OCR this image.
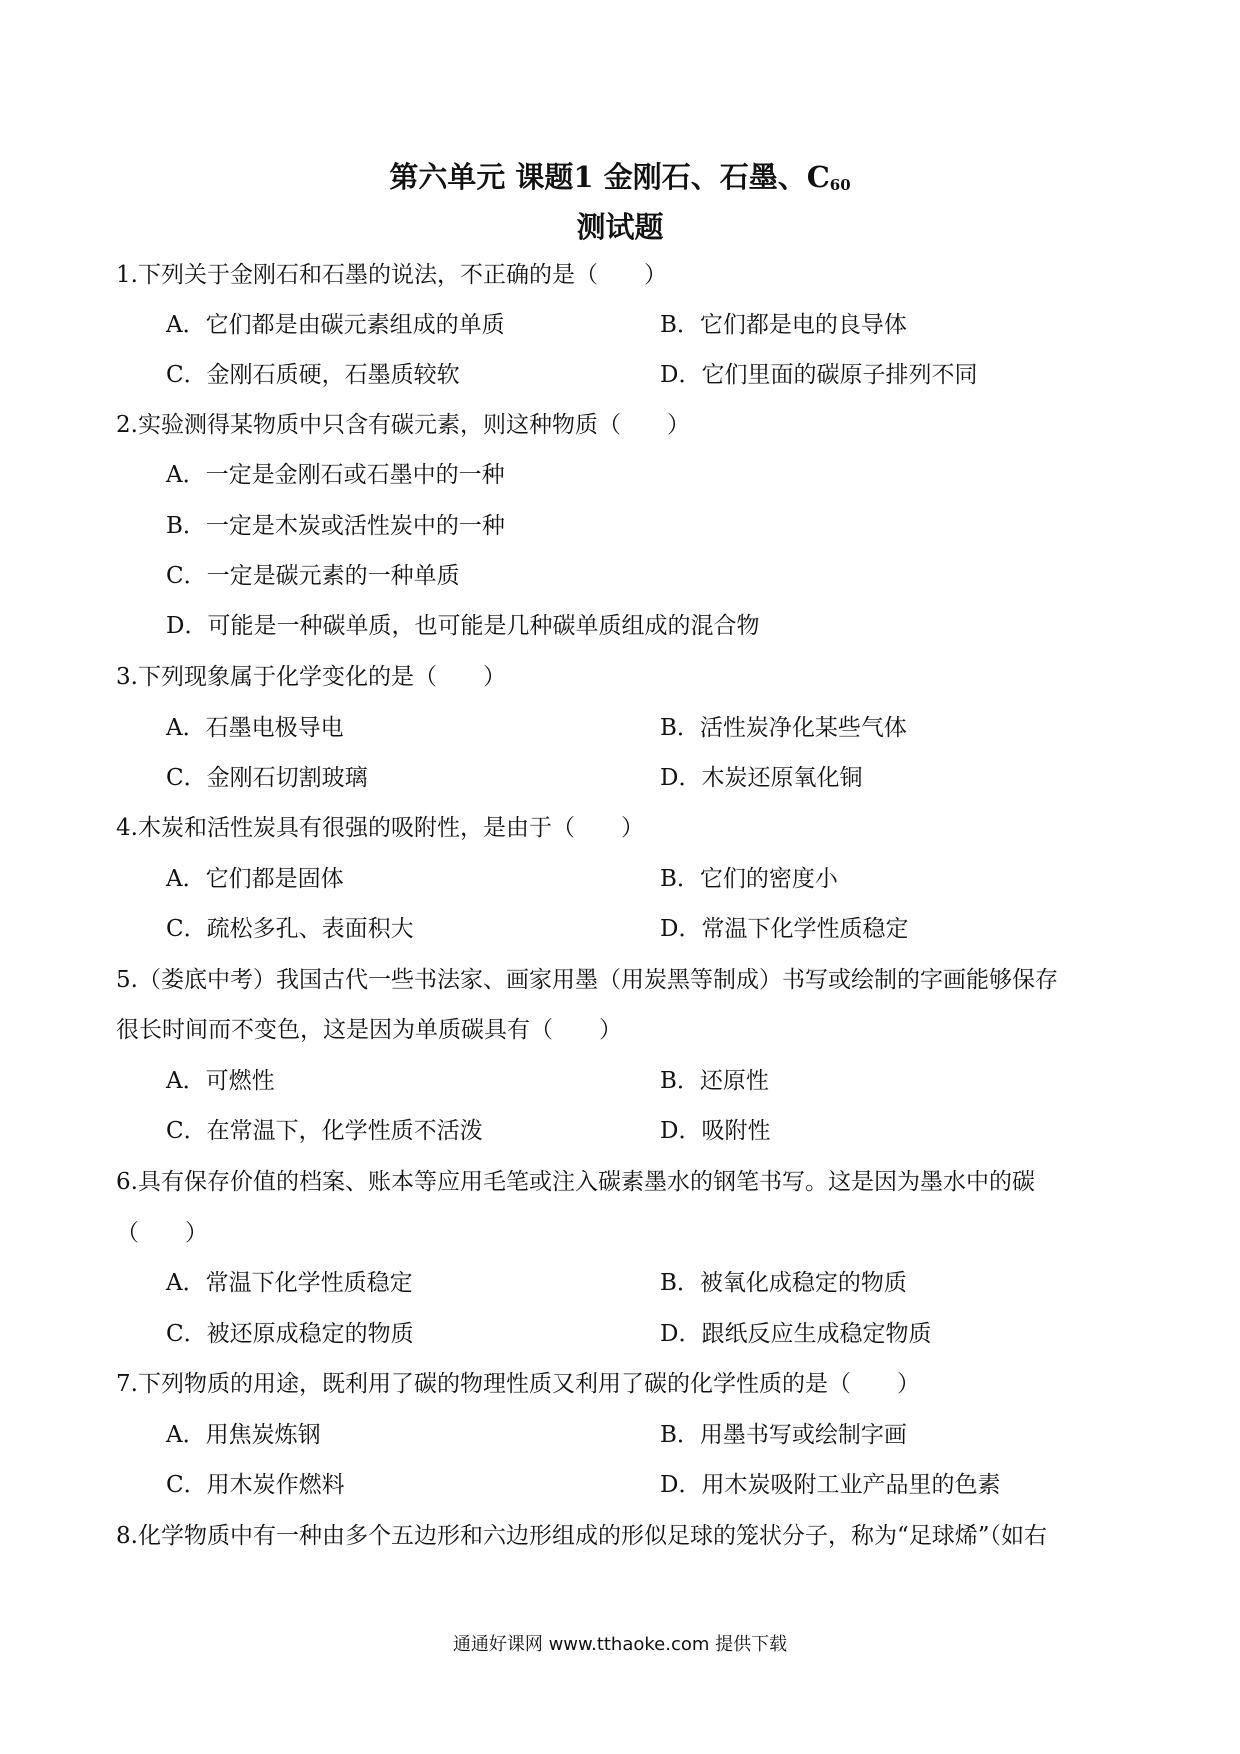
第六单元 课题1 金刚石、石墨、$C_{60}$
测试题
1.下列关于金刚石和石墨的说法，不正确的是（　　）
A．它们都是由碳元素组成的单质	B．它们都是电的良导体
C．金刚石质硬，石墨质较软	D．它们里面的碳原子排列不同
2.实验测得某物质中只含有碳元素，则这种物质（　　）
A．一定是金刚石或石墨中的一种
B．一定是木炭或活性炭中的一种
C．一定是碳元素的一种单质
D．可能是一种碳单质，也可能是几种碳单质组成的混合物
3.下列现象属于化学变化的是（　　）
A．石墨电极导电	B．活性炭净化某些气体
C．金刚石切割玻璃	D．木炭还原氧化铜
4.木炭和活性炭具有很强的吸附性，是由于（　　）
A．它们都是固体	B．它们的密度小
C．疏松多孔、表面积大	D．常温下化学性质稳定
5.（娄底中考）我国古代一些书法家、画家用墨（用炭黑等制成）书写或绘制的字画能够保存
很长时间而不变色，这是因为单质碳具有（　　）
A．可燃性	B．还原性
C．在常温下，化学性质不活泼	D．吸附性
6.具有保存价值的档案、账本等应用毛笔或注入碳素墨水的钢笔书写。这是因为墨水中的碳
（　　）
A．常温下化学性质稳定	B．被氧化成稳定的物质
C．被还原成稳定的物质	D．跟纸反应生成稳定物质
7.下列物质的用途，既利用了碳的物理性质又利用了碳的化学性质的是（　　）
A．用焦炭炼钢	B．用墨书写或绘制字画
C．用木炭作燃料	D．用木炭吸附工业产品里的色素
8.化学物质中有一种由多个五边形和六边形组成的形似足球的笼状分子，称为“足球烯”（如右
通通好课网 www.tthaoke.com 提供下载
